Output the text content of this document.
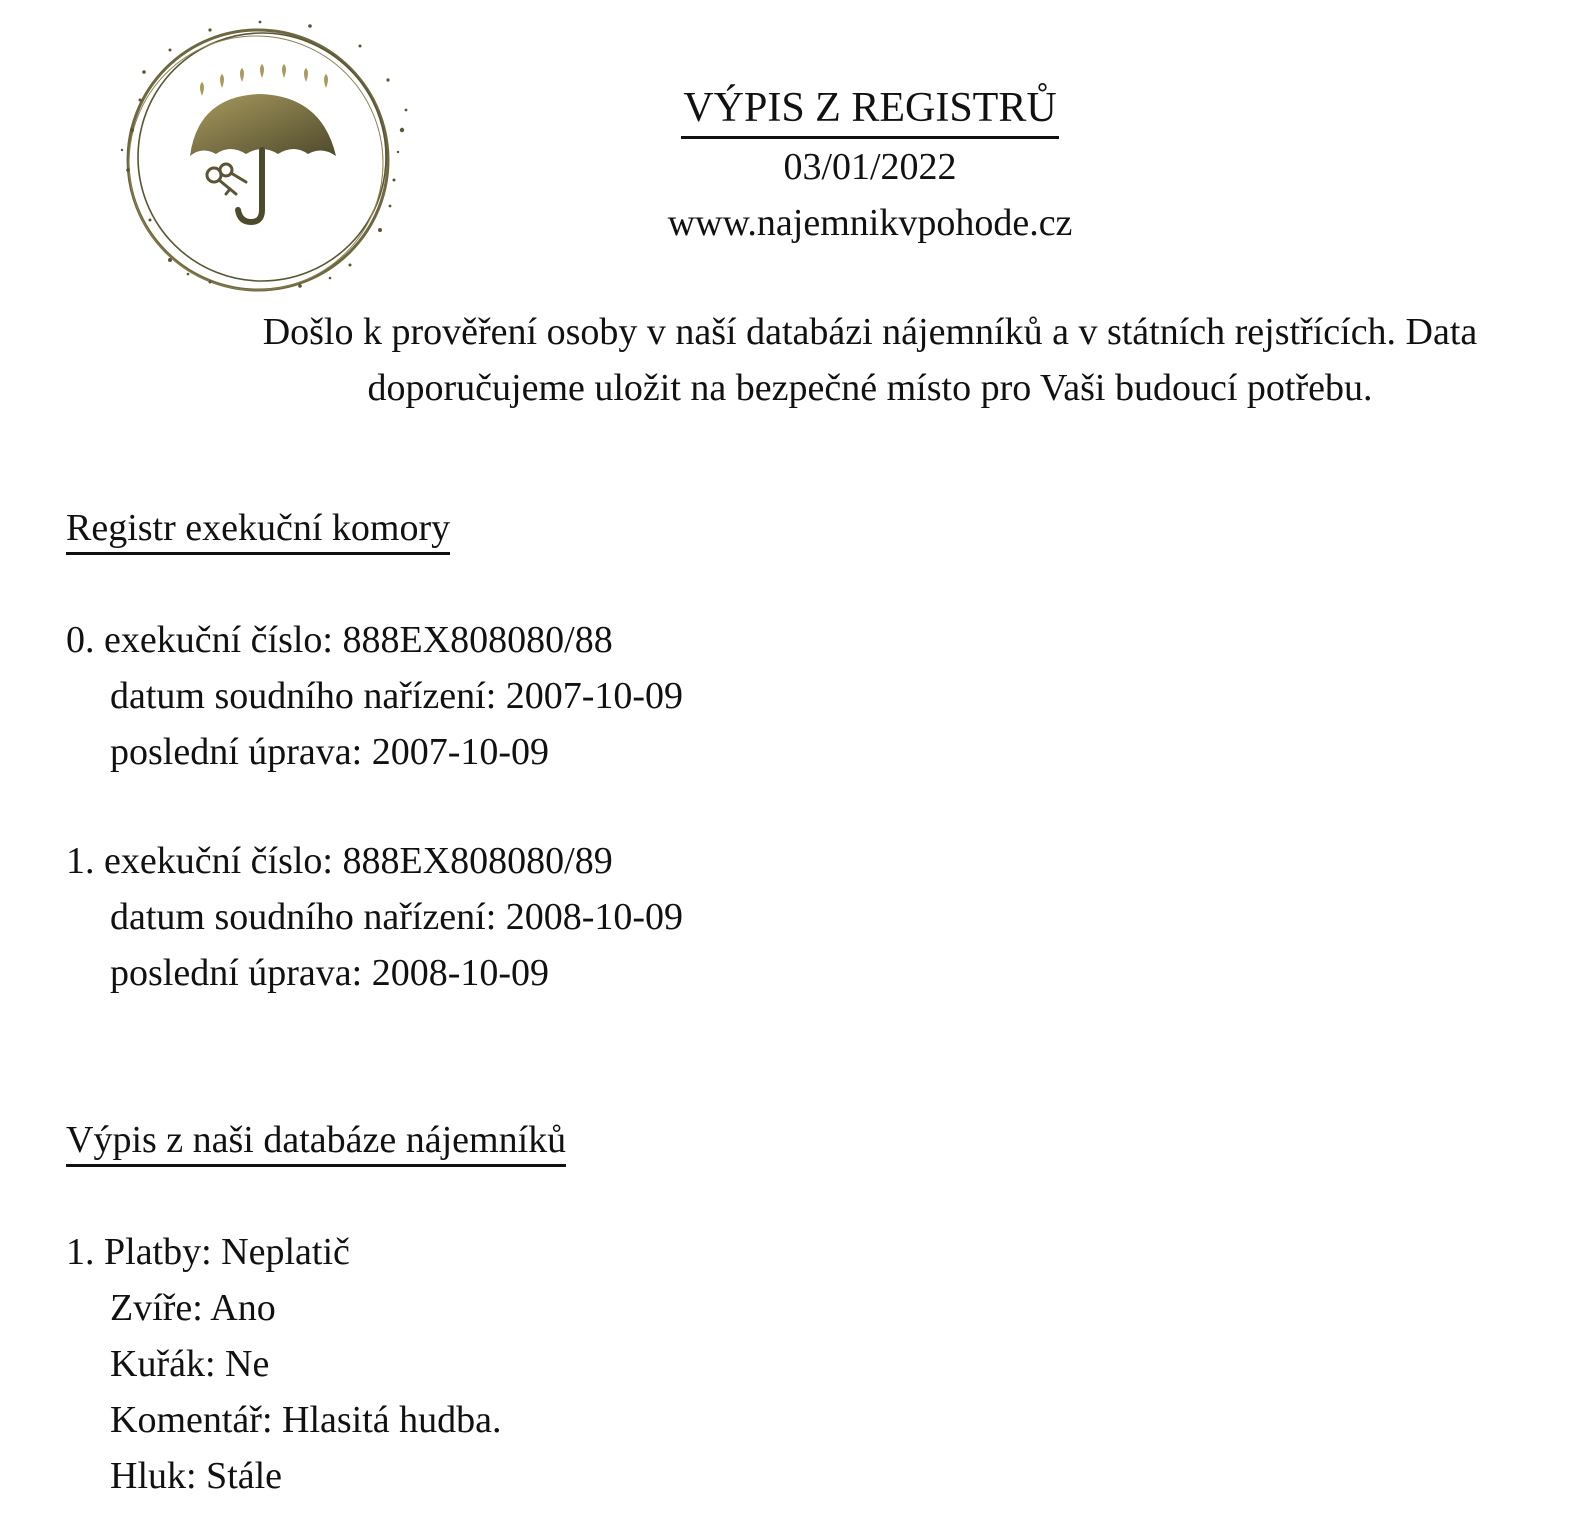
VÝPIS Z REGISTRŮ

03/01/2022

www.najemnikvpohode.cz

Došlo k prověření osoby v naší databázi nájemníků a v státních rejstřících. Data
doporučujeme uložit na bezpečné místo pro Vaši budoucí potřebu.
Registr exekuční komory
0. exekuční číslo: 888EX808080/88
datum soudního nařízení: 2007-10-09
poslední úprava: 2007-10-09
1. exekuční číslo: 888EX808080/89
datum soudního nařízení: 2008-10-09
poslední úprava: 2008-10-09
Výpis z naši databáze nájemníků
1. Platby: Neplatič
Zvíře: Ano
Kuřák: Ne
Komentář: Hlasitá hudba.
Hluk: Stále
